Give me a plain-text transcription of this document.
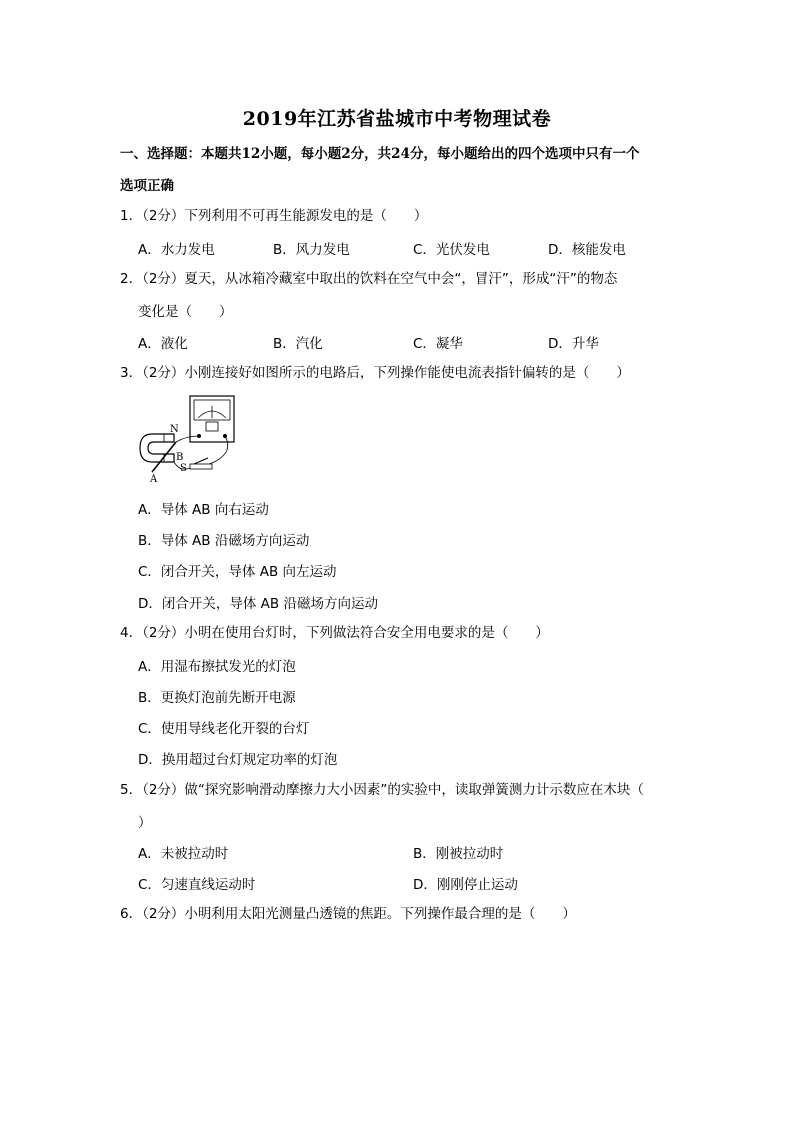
2019年江苏省盐城市中考物理试卷
一、选择题：本题共12小题，每小题2分，共24分，每小题给出的四个选项中只有一个
选项正确
1．（2分）下列利用不可再生能源发电的是（　　）
A．水力发电	B．风力发电	C．光伏发电	D．核能发电
2．（2分）夏天，从冰箱冷藏室中取出的饮料在空气中会“，冒汗”，形成“汗”的物态
变化是（　　）
A．液化	B．汽化	C．凝华	D．升华
3．（2分）小刚连接好如图所示的电路后，下列操作能使电流表指针偏转的是（　　）
N
B
S
A
A．导体 AB 向右运动
B．导体 AB 沿磁场方向运动
C．闭合开关，导体 AB 向左运动
D．闭合开关，导体 AB 沿磁场方向运动
4．（2分）小明在使用台灯时，下列做法符合安全用电要求的是（　　）
A．用湿布擦拭发光的灯泡
B．更换灯泡前先断开电源
C．使用导线老化开裂的台灯
D．换用超过台灯规定功率的灯泡
5．（2分）做“探究影响滑动摩擦力大小因素”的实验中，读取弹簧测力计示数应在木块（
）
A．未被拉动时	B．刚被拉动时
C．匀速直线运动时	D．刚刚停止运动
6．（2分）小明利用太阳光测量凸透镜的焦距。下列操作最合理的是（　　）
